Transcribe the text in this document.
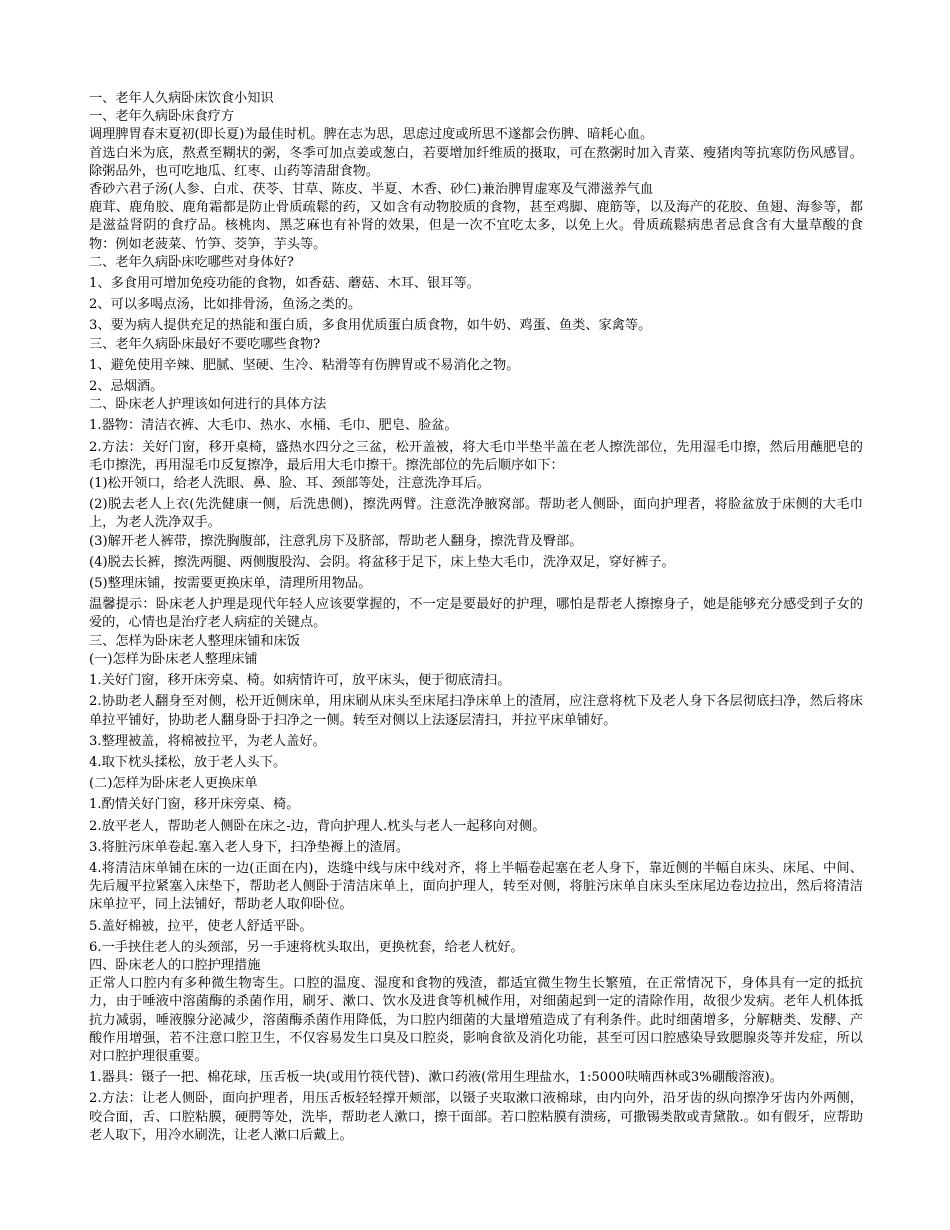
一、老年人久病卧床饮食小知识

一、老年久病卧床食疗方

调理脾胃春末夏初(即长夏)为最佳时机。脾在志为思，思虑过度或所思不遂都会伤脾、暗耗心血。

首选白米为底，熬煮至糊状的粥，冬季可加点姜或葱白，若要增加纤维质的摄取，可在熬粥时加入青菜、瘦猪肉等抗寒防伤风感冒。除粥品外，也可吃地瓜、红枣、山药等清甜食物。

香砂六君子汤(人参、白朮、茯苓、甘草、陈皮、半夏、木香、砂仁)兼治脾胃虚寒及气滞滋养气血

鹿茸、鹿角胶、鹿角霜都是防止骨质疏鬆的药，又如含有动物胶质的食物，甚至鸡脚、鹿筋等，以及海产的花胶、鱼翅、海参等，都是滋益肾阴的食疗品。核桃肉、黑芝麻也有补肾的效果，但是一次不宜吃太多，以免上火。骨质疏鬆病患者忌食含有大量草酸的食物：例如老菠菜、竹笋、茭笋，芋头等。

二、老年久病卧床吃哪些对身体好?

1、多食用可增加免疫功能的食物，如香菇、蘑菇、木耳、银耳等。

2、可以多喝点汤，比如排骨汤，鱼汤之类的。

3、要为病人提供充足的热能和蛋白质，多食用优质蛋白质食物，如牛奶、鸡蛋、鱼类、家禽等。

三、老年久病卧床最好不要吃哪些食物?

1、避免使用辛辣、肥腻、坚硬、生冷、粘滑等有伤脾胃或不易消化之物。

2、忌烟酒。

二、卧床老人护理该如何进行的具体方法

1.器物：清洁衣裤、大毛巾、热水、水桶、毛巾、肥皂、脸盆。

2.方法：关好门窗，移开桌椅，盛热水四分之三盆，松开盖被，将大毛巾半垫半盖在老人擦洗部位，先用湿毛巾擦，然后用蘸肥皂的毛巾擦洗，再用湿毛巾反复擦净，最后用大毛巾擦干。擦洗部位的先后顺序如下：

(1)松开领口，给老人洗眼、鼻、脸、耳、颈部等处，注意洗净耳后。

(2)脱去老人上衣(先洗健康一侧，后洗患侧)，擦洗两臂。注意洗净腋窝部。帮助老人侧卧，面向护理者，将脸盆放于床侧的大毛巾上，为老人洗净双手。

(3)解开老人裤带，擦洗胸腹部，注意乳房下及脐部，帮助老人翻身，擦洗背及臀部。

(4)脱去长裤，擦洗两腿、两侧腹股沟、会阴。将盆移于足下，床上垫大毛巾，洗净双足，穿好裤子。

(5)整理床铺，按需要更换床单，清理所用物品。

温馨提示：卧床老人护理是现代年轻人应该要掌握的，不一定是要最好的护理，哪怕是帮老人擦擦身子，她是能够充分感受到子女的爱的，心情也是治疗老人病症的关键点。

三、怎样为卧床老人整理床铺和床饭

(一)怎样为卧床老人整理床铺

1.关好门窗，移开床旁桌、椅。如病情许可，放平床头，便于彻底清扫。

2.协助老人翻身至对侧，松开近侧床单，用床刷从床头至床尾扫净床单上的渣屑，应注意将枕下及老人身下各层彻底扫净，然后将床单拉平铺好，协助老人翻身卧于扫净之一侧。转至对侧以上法逐层清扫，并拉平床单铺好。

3.整理被盖，将棉被拉平，为老人盖好。

4.取下枕头揉松，放于老人头下。

(二)怎样为卧床老人更换床单

1.酌情关好门窗，移开床旁桌、椅。

2.放平老人，帮助老人侧卧在床之-边，背向护理人.枕头与老人一起移向对侧。

3.将脏污床单卷起.塞入老人身下，扫净垫褥上的渣屑。

4.将清洁床单铺在床的一边(正面在内)，迭缝中线与床中线对齐，将上半幅卷起塞在老人身下，靠近侧的半幅自床头、床尾、中间、先后履平拉紧塞入床垫下，帮助老人侧卧于清洁床单上，面向护理人，转至对侧，将脏污床单自床头至床尾边卷边拉出，然后将清洁床单拉平，同上法铺好，帮助老人取仰卧位。

5.盖好棉被，拉平，使老人舒适平卧。

6.一手挟住老人的头颈部，另一手速将枕头取出，更换枕套，给老人枕好。

四、卧床老人的口腔护理措施

正常人口腔内有多种微生物寄生。口腔的温度、湿度和食物的残渣，都适宜微生物生长繁殖，在正常情况下，身体具有一定的抵抗力，由于唾液中溶菌酶的杀菌作用，刷牙、漱口、饮水及进食等机械作用，对细菌起到一定的清除作用，故很少发病。老年人机体抵抗力减弱，唾液腺分泌减少，溶菌酶杀菌作用降低，为口腔内细菌的大量增殖造成了有利条件。此时细菌增多，分解糖类、发酵、产酸作用增强，若不注意口腔卫生，不仅容易发生口臭及口腔炎，影响食欲及消化功能，甚至可因口腔感染导致腮腺炎等并发症，所以对口腔护理很重要。

1.器具：镊子一把、棉花球，压舌板一块(或用竹筷代替)、漱口药液(常用生理盐水，1:5000呋喃西林或3%硼酸溶液)。

2.方法：让老人侧卧，面向护理者，用压舌板轻轻撑开颊部，以镊子夹取漱口液棉球，由内向外，沿牙齿的纵向擦净牙齿内外两侧，咬合面，舌、口腔粘膜，硬腭等处，洗毕，帮助老人漱口，擦干面部。若口腔粘膜有溃疡，可撒锡类散或青黛散.。如有假牙，应帮助老人取下，用冷水刷洗，让老人漱口后戴上。
